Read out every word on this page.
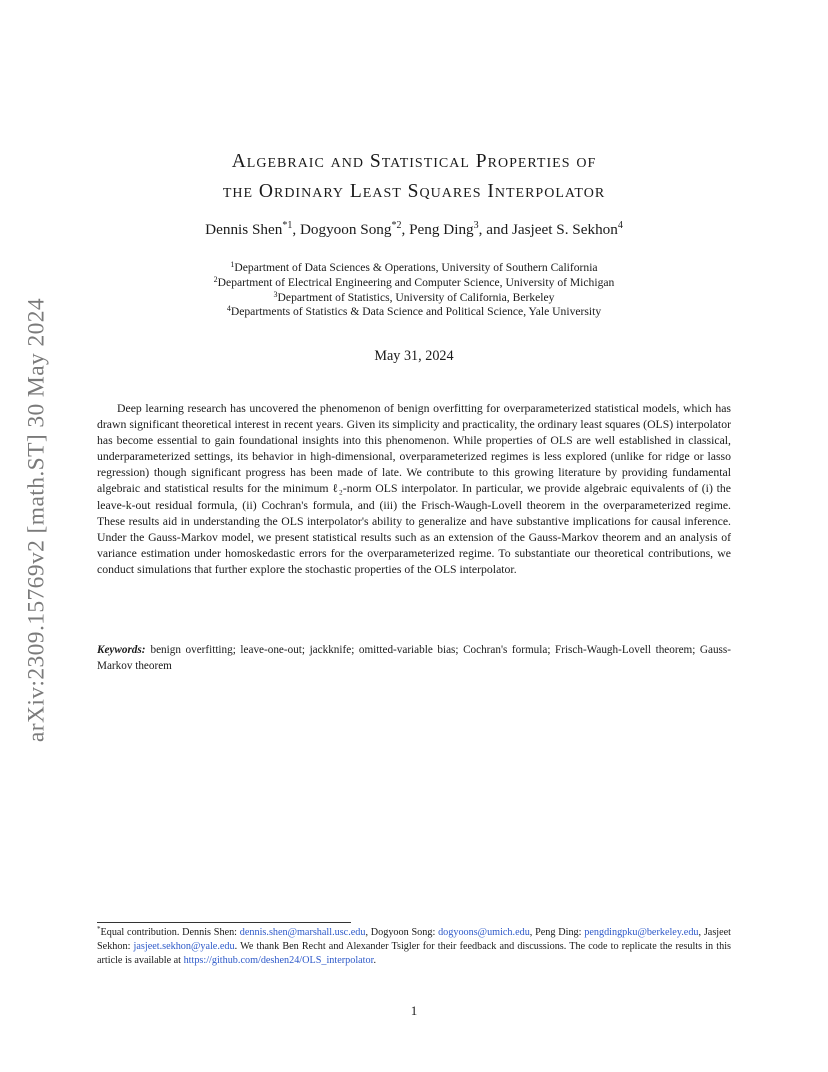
arXiv:2309.15769v2 [math.ST] 30 May 2024
Algebraic and Statistical Properties of
the Ordinary Least Squares Interpolator
Dennis Shen$^{*1}$, Dogyoon Song$^{*2}$, Peng Ding$^3$, and Jasjeet S. Sekhon$^4$
$^1$Department of Data Sciences & Operations, University of Southern California
$^2$Department of Electrical Engineering and Computer Science, University of Michigan
$^3$Department of Statistics, University of California, Berkeley
$^4$Departments of Statistics & Data Science and Political Science, Yale University
May 31, 2024

Deep learning research has uncovered the phenomenon of benign overfitting for overparameterized statistical models, which has drawn significant theoretical interest in recent years. Given its simplicity and practicality, the ordinary least squares (OLS) interpolator has become essential to gain foundational insights into this phenomenon. While properties of OLS are well established in classical, underparameterized settings, its behavior in high-dimensional, overparameterized regimes is less explored (unlike for ridge or lasso regression) though significant progress has been made of late. We contribute to this growing literature by providing fundamental algebraic and statistical results for the minimum ℓ₂-norm OLS interpolator. In particular, we provide algebraic equivalents of (i) the leave-k-out residual formula, (ii) Cochran's formula, and (iii) the Frisch-Waugh-Lovell theorem in the overparameterized regime. These results aid in understanding the OLS interpolator's ability to generalize and have substantive implications for causal inference. Under the Gauss-Markov model, we present statistical results such as an extension of the Gauss-Markov theorem and an analysis of variance estimation under homoskedastic errors for the overparameterized regime. To substantiate our theoretical contributions, we conduct simulations that further explore the stochastic properties of the OLS interpolator.

Keywords: benign overfitting; leave-one-out; jackknife; omitted-variable bias; Cochran's formula; Frisch-Waugh-Lovell theorem; Gauss-Markov theorem

*Equal contribution. Dennis Shen: dennis.shen@marshall.usc.edu, Dogyoon Song: dogyoons@umich.edu, Peng Ding: pengdingpku@berkeley.edu, Jasjeet Sekhon: jasjeet.sekhon@yale.edu. We thank Ben Recht and Alexander Tsigler for their feedback and discussions. The code to replicate the results in this article is available at https://github.com/deshen24/OLS_interpolator.

1
